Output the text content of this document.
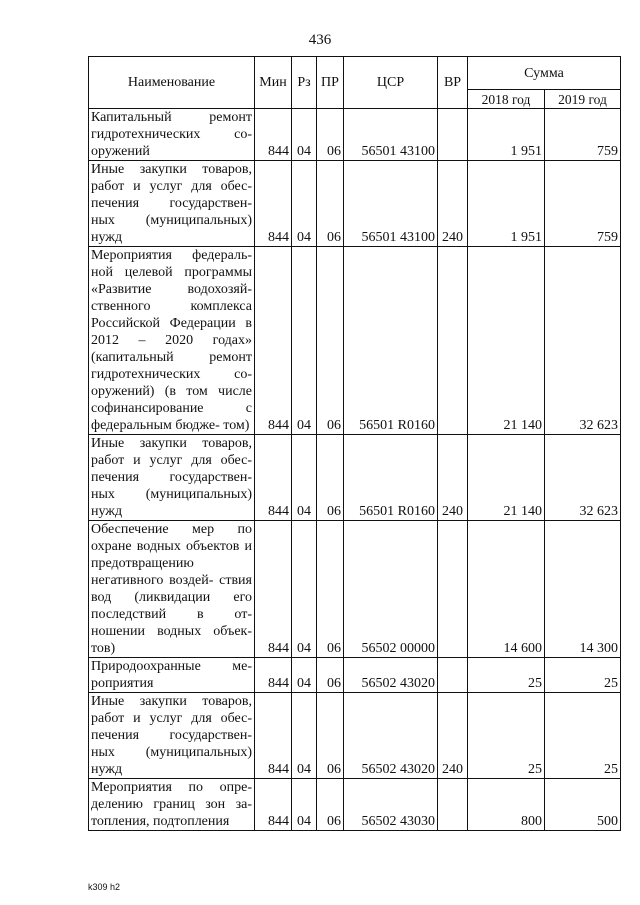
436
Наименование	Мин	Рз	ПР	ЦСР	ВР	Сумма	
						2018 год	2019 год

Капитальный ремонт гидротехнических со- оружений	844	04	06	56501 43100		1 951	759

Иные закупки товаров, работ и услуг для обес- печения государствен- ных (муниципальных) нужд	844	04	06	56501 43100	240	1 951	759

Мероприятия федераль- ной целевой программы «Развитие водохозяй- ственного комплекса Российской Федерации в 2012 – 2020 годах» (капитальный ремонт гидротехнических со- оружений) (в том числе софинансирование с федеральным бюдже- том)	844	04	06	56501 R0160		21 140	32 623

Иные закупки товаров, работ и услуг для обес- печения государствен- ных (муниципальных) нужд	844	04	06	56501 R0160	240	21 140	32 623

Обеспечение мер по охране водных объектов и предотвращению негативного воздей- ствия вод (ликвидации его последствий в от- ношении водных объек- тов)	844	04	06	56502 00000		14 600	14 300

Природоохранные ме- роприятия	844	04	06	56502 43020		25	25

Иные закупки товаров, работ и услуг для обес- печения государствен- ных (муниципальных) нужд	844	04	06	56502 43020	240	25	25

Мероприятия по опре- делению границ зон за- топления, подтопления	844	04	06	56502 43030		800	500
k309 h2
